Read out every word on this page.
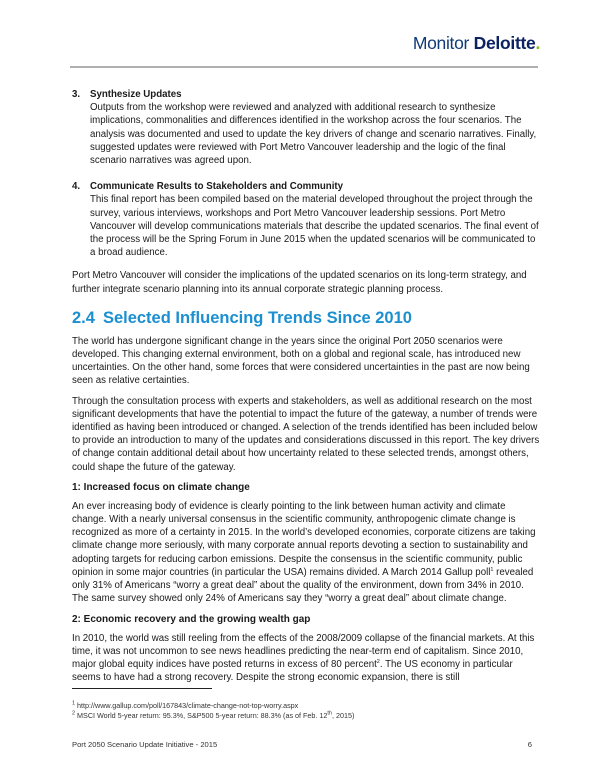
Monitor Deloitte.
3. Synthesize Updates

Outputs from the workshop were reviewed and analyzed with additional research to synthesize implications, commonalities and differences identified in the workshop across the four scenarios. The analysis was documented and used to update the key drivers of change and scenario narratives. Finally, suggested updates were reviewed with Port Metro Vancouver leadership and the logic of the final scenario narratives was agreed upon.

4. Communicate Results to Stakeholders and Community

This final report has been compiled based on the material developed throughout the project through the survey, various interviews, workshops and Port Metro Vancouver leadership sessions. Port Metro Vancouver will develop communications materials that describe the updated scenarios. The final event of the process will be the Spring Forum in June 2015 when the updated scenarios will be communicated to a broad audience.

Port Metro Vancouver will consider the implications of the updated scenarios on its long-term strategy, and further integrate scenario planning into its annual corporate strategic planning process.

2.4 Selected Influencing Trends Since 2010

The world has undergone significant change in the years since the original Port 2050 scenarios were developed. This changing external environment, both on a global and regional scale, has introduced new uncertainties. On the other hand, some forces that were considered uncertainties in the past are now being seen as relative certainties.

Through the consultation process with experts and stakeholders, as well as additional research on the most significant developments that have the potential to impact the future of the gateway, a number of trends were identified as having been introduced or changed. A selection of the trends identified has been included below to provide an introduction to many of the updates and considerations discussed in this report. The key drivers of change contain additional detail about how uncertainty related to these selected trends, amongst others, could shape the future of the gateway.

1: Increased focus on climate change

An ever increasing body of evidence is clearly pointing to the link between human activity and climate change. With a nearly universal consensus in the scientific community, anthropogenic climate change is recognized as more of a certainty in 2015. In the world’s developed economies, corporate citizens are taking climate change more seriously, with many corporate annual reports devoting a section to sustainability and adopting targets for reducing carbon emissions. Despite the consensus in the scientific community, public opinion in some major countries (in particular the USA) remains divided. A March 2014 Gallup poll$^1$ revealed only 31% of Americans “worry a great deal” about the quality of the environment, down from 34% in 2010. The same survey showed only 24% of Americans say they “worry a great deal” about climate change.

2: Economic recovery and the growing wealth gap

In 2010, the world was still reeling from the effects of the 2008/2009 collapse of the financial markets. At this time, it was not uncommon to see news headlines predicting the near-term end of capitalism. Since 2010, major global equity indices have posted returns in excess of 80 percent$^2$. The US economy in particular seems to have had a strong recovery. Despite the strong economic expansion, there is still

$^1$ http://www.gallup.com/poll/167843/climate-change-not-top-worry.aspx
$^2$ MSCI World 5-year return: 95.3%, S&P500 5-year return: 88.3% (as of Feb. 12th, 2015)
Port 2050 Scenario Update Initiative - 2015	6
